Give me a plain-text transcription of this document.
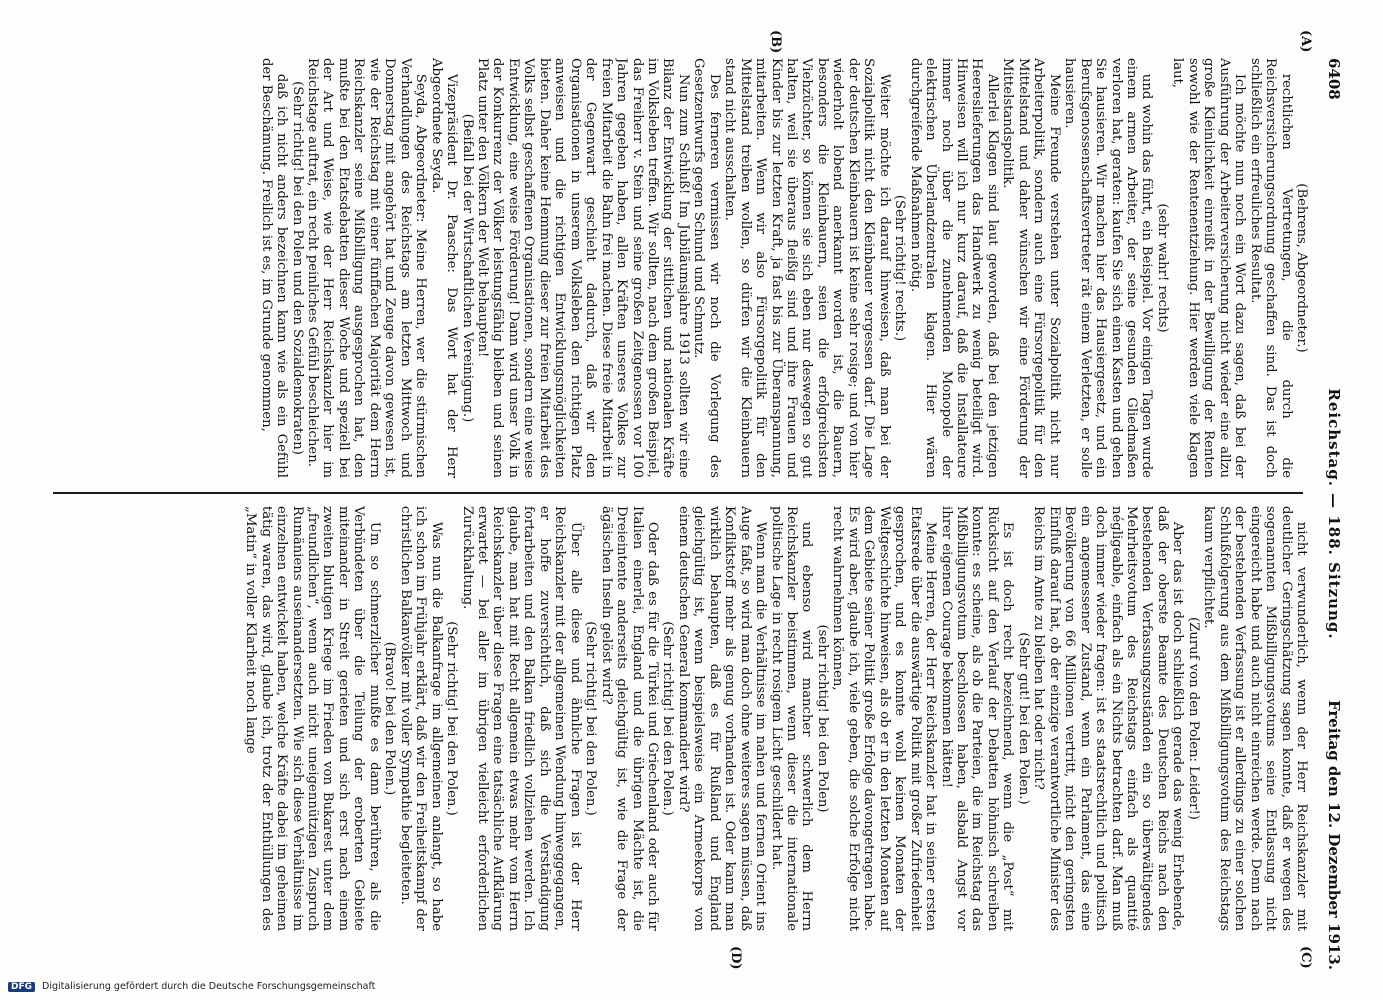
6408
Reichstag. — 188. Sitzung.
Freitag den 12. Dezember 1913.
(A)
(B)
(C)
(D)

(Behrens, Abgeordneter.)

rechtlichen Vertretungen, die durch die Reichsversicherungsordnung geschaffen sind. Das ist doch schließlich ein erfreuliches Resultat.

Ich möchte nun noch ein Wort dazu sagen, daß bei der Ausführung der Arbeiterversicherung nicht wieder eine allzu große Kleinlichkeit einreißt in der Bewilligung der Renten sowohl wie der Rentenentziehung. Hier werden viele Klagen laut,

(sehr wahr! rechts)

und wohin das führt, ein Beispiel. Vor einigen Tagen wurde einem armen Arbeiter, der seine gesunden Gliedmaßen verloren hat, geraten: kaufen Sie sich einen Kasten und gehen Sie hausieren. Wir machen hier das Hausiergesetz, und ein Berufsgenossenschaftsvertreter rät einem Verletzten, er solle hausieren.

Meine Freunde verstehen unter Sozialpolitik nicht nur Arbeiterpolitik, sondern auch eine Fürsorgepolitik für den Mittelstand und daher wünschen wir eine Förderung der Mittelstandspolitik.

Allerlei Klagen sind laut geworden, daß bei den jetzigen Heereslieferungen das Handwerk zu wenig beteiligt wird. Hinweisen will ich nur kurz darauf, daß die Installateure immer noch über die zunehmenden Monopole der elektrischen Überlandzentralen klagen. Hier wären durchgreifende Maßnahmen nötig.

(Sehr richtig! rechts.)

Weiter möchte ich darauf hinweisen, daß man bei der Sozialpolitik nicht den Kleinbauer vergessen darf. Die Lage der deutschen Kleinbauern ist keine sehr rosige; und von hier wiederholt lobend anerkannt worden ist, die Bauern, besonders die Kleinbauern, seien die erfolgreichsten Viehzüchter, so können sie sich eben nur deswegen so gut halten, weil sie überaus fleißig sind und ihre Frauen und Kinder bis zur letzten Kraft, ja fast bis zur Überanspannung, mitarbeiten. Wenn wir also Fürsorgepolitik für den Mittelstand treiben wollen, so dürfen wir die Kleinbauern stand nicht ausschalten.

Des ferneren vermissen wir noch die Vorlegung des Gesetzentwurfs gegen Schund und Schmutz.

Nun zum Schluß! Im Jubiläumsjahre 1913 sollten wir eine Bilanz der Entwicklung der sittlichen und nationalen Kräfte im Volksleben treffen. Wir sollten, nach dem großen Beispiel, das Freiherr v. Stein und seine großen Zeitgenossen vor 100 Jahren gegeben haben, allen Kräften unseres Volkes zur freien Mitarbeit die Bahn frei machen. Diese freie Mitarbeit in der Gegenwart geschieht dadurch, daß wir den Organisationen in unserem Volksleben den richtigen Platz anweisen und die richtigen Entwicklungsmöglichkeiten bieten. Daher keine Hemmung dieser zur freien Mitarbeit des Volks selbst geschaffenen Organisationen, sondern eine weise Entwicklung, eine weise Förderung! Dann wird unser Volk in der Konkurrenz der Völker leistungsfähig bleiben und seinen Platz unter den Völkern der Welt behaupten!

(Beifall bei der Wirtschaftlichen Vereinigung.)

Vizepräsident Dr. Paasche: Das Wort hat der Herr Abgeordnete Seyda.

Seyda, Abgeordneter: Meine Herren, wer die stürmischen Verhandlungen des Reichstags am letzten Mittwoch und Donnerstag mit angehört hat und Zeuge davon gewesen ist, wie der Reichstag mit einer fünffachen Majorität dem Herrn Reichskanzler seine Mißbilligung ausgesprochen hat, den mußte bei den Etatsdebatten dieser Woche und speziell bei der Art und Weise, wie der Herr Reichskanzler hier im Reichstage auftrat, ein recht peinliches Gefühl beschleichen.

(Sehr richtig! bei den Polen und den Sozialdemokraten)

daß ich nicht anders bezeichnen kann wie als ein Gefühl der Beschämung. Freilich ist es, im Grunde genommen,

nicht verwunderlich, wenn der Herr Reichskanzler mit deutlicher Geringschätzung sagen konnte, daß er wegen des sogenannten Mißbilligungsvotums seine Entlassung nicht eingereicht habe und auch nicht einreichen werde. Denn nach der bestehenden Verfassung ist er allerdings zu einer solchen Schlußfolgerung aus dem Mißbilligungsvotum des Reichstags kaum verpflichtet.

(Zuruf von den Polen: Leider!)

Aber das ist doch schließlich gerade das wenig Erhebende, daß der oberste Beamte des Deutschen Reichs nach den bestehenden Verfassungszuständen ein so überwältigendes Mehrheitsvotum des Reichstags einfach als quantité négligeable, einfach als ein Nichts betrachten darf. Man muß doch immer wieder fragen: ist es staatsrechtlich und politisch ein angemessener Zustand, wenn ein Parlament, das eine Bevölkerung von 66 Millionen vertritt, nicht den geringsten Einfluß darauf hat, ob der einzige verantwortliche Minister des Reichs im Amte zu bleiben hat oder nicht?

(Sehr gut! bei den Polen.)

Es ist doch recht bezeichnend, wenn die „Post“ mit Rücksicht auf den Verlauf der Debatten höhnisch schreiben konnte: es scheine, als ob die Parteien, die im Reichstag das Mißbilligungsvotum beschlossen haben, alsbald Angst vor ihrer eigenen Courage bekommen hätten!

Meine Herren, der Herr Reichskanzler hat in seiner ersten Etatsrede über die auswärtige Politik mit großer Zufriedenheit gesprochen, und es konnte wohl keinen Monaten der Weltgeschichte hinweisen, als ob er in den letzten Monaten auf dem Gebiete seiner Politik große Erfolge davongetragen habe. Es wird aber, glaube ich, viele geben, die solche Erfolge nicht recht wahrnehmen können,

(sehr richtig! bei den Polen)

und ebenso wird mancher schwerlich dem Herrn Reichskanzler beistimmen, wenn dieser die internationale politische Lage in recht rosigem Licht geschildert hat.

Wenn man die Verhältnisse im nahen und fernen Orient ins Auge faßt, so wird man doch ohne weiteres sagen müssen, daß Konfliktstoff mehr als genug vorhanden ist. Oder kann man wirklich behaupten, daß es für Rußland und England gleichgültig ist, wenn beispielsweise ein Armeekorps von einem deutschen General kommandiert wird?

(Sehr richtig! bei den Polen.)

Oder daß es für die Türkei und Griechenland oder auch für Italien einerlei, England und die übrigen Mächte ist, die Dreieintente anderseits gleichgültig ist, wie die Frage der ägäischen Inseln gelöst wird?

(Sehr richtig! bei den Polen.)

Über alle diese und ähnliche Fragen ist der Herr Reichskanzler mit der allgemeinen Wendung hinweggegangen, er hoffe zuversichtlich, daß sich die Verständigung fortarbeiten und den Balkan friedlich vollziehen werden. Ich glaube, man hat mit Recht allgemein etwas mehr vom Herrn Reichskanzler über diese Fragen eine tatsächliche Aufklärung erwartet — bei aller im übrigen vielleicht erforderlichen Zurückhaltung.

(Sehr richtig! bei den Polen.)

Was nun die Balkanfrage im allgemeinen anlangt, so habe ich schon im Frühjahr erklärt, daß wir den Freiheitskampf der christlichen Balkanvölker mit voller Sympathie begleiteten.

(Bravo! bei den Polen.)

Um so schmerzlicher mußte es dann berühren, als die Verbündeten über die Teilung der eroberten Gebiete miteinander in Streit gerieten und sich erst nach einem zweiten blutigen Kriege im Frieden von Bukarest unter dem „freundlichen“, wenn auch nicht uneigennützigen Zuspruch Rumäniens auseinandersetzten. Wie sich diese Verhältnisse im einzelnen entwickelt haben, welche Kräfte dabei im geheimen tätig waren, das wird, glaube ich, trotz der Enthüllungen des „Matin“ in voller Klarheit noch lange

DFG Digitalisierung gefördert durch die Deutsche Forschungsgemeinschaft
